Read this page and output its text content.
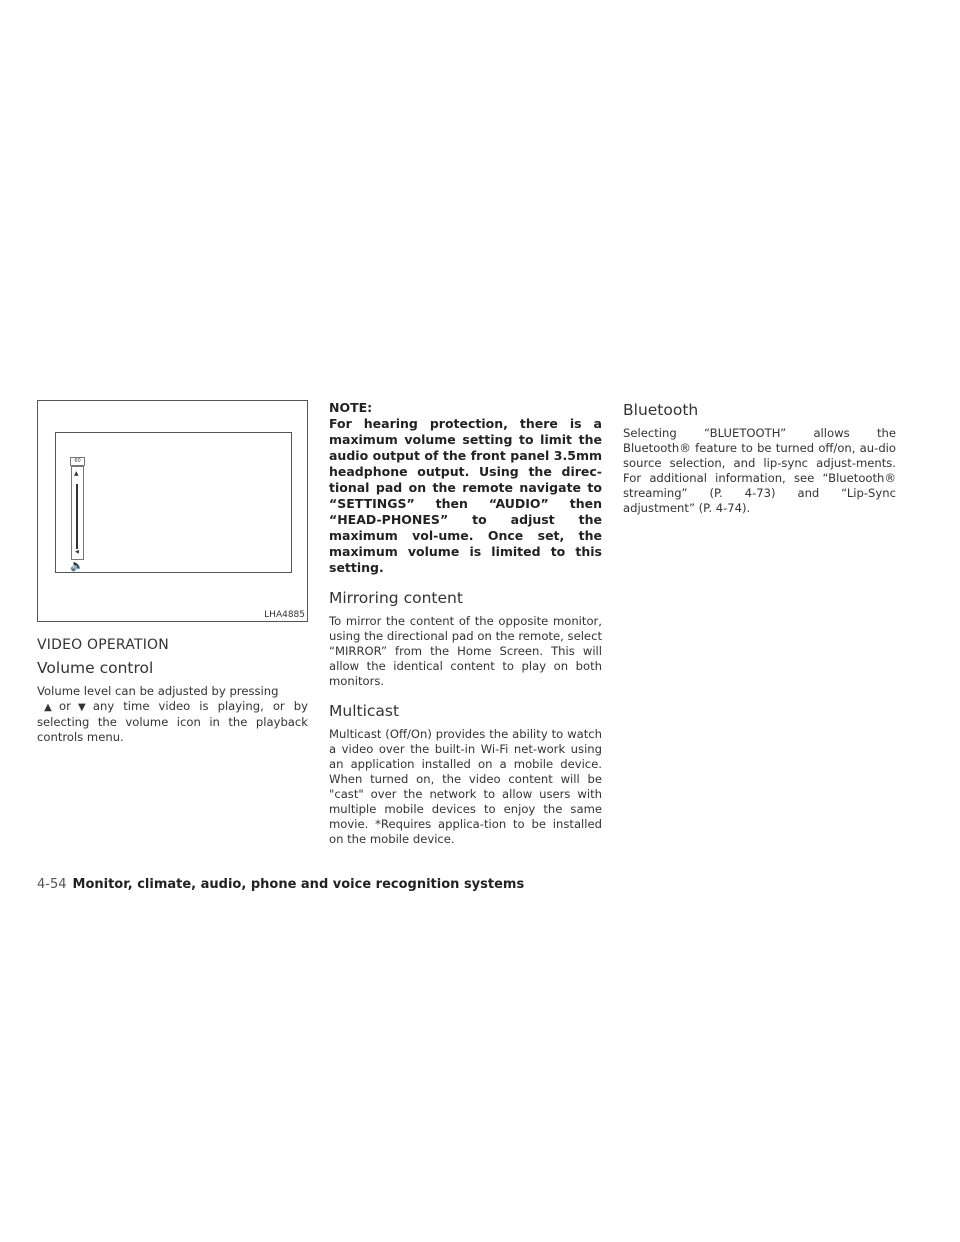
60
▲
◀
🔈
LHA4885
VIDEO OPERATION
Volume control

Volume level can be adjusted by pressing
▲ or ▼ any time video is playing, or by selecting the volume icon in the playback controls menu.

NOTE:

For hearing protection, there is a maximum volume setting to limit the audio output of the front panel 3.5mm headphone output. Using the direc-tional pad on the remote navigate to “SETTINGS” then “AUDIO” then “HEAD-PHONES” to adjust the maximum vol-ume. Once set, the maximum volume is limited to this setting.

Mirroring content

To mirror the content of the opposite monitor, using the directional pad on the remote, select “MIRROR” from the Home Screen. This will allow the identical content to play on both monitors.

Multicast

Multicast (Off/On) provides the ability to watch a video over the built-in Wi-Fi net-work using an application installed on a mobile device. When turned on, the video content will be "cast" over the network to allow users with multiple mobile devices to enjoy the same movie. *Requires applica-tion to be installed on the mobile device.

Bluetooth

Selecting “BLUETOOTH” allows the Bluetooth® feature to be turned off/on, au-dio source selection, and lip-sync adjust-ments. For additional information, see “Bluetooth® streaming” (P. 4-73) and “Lip-Sync adjustment” (P. 4-74).

4-54 Monitor, climate, audio, phone and voice recognition systems
